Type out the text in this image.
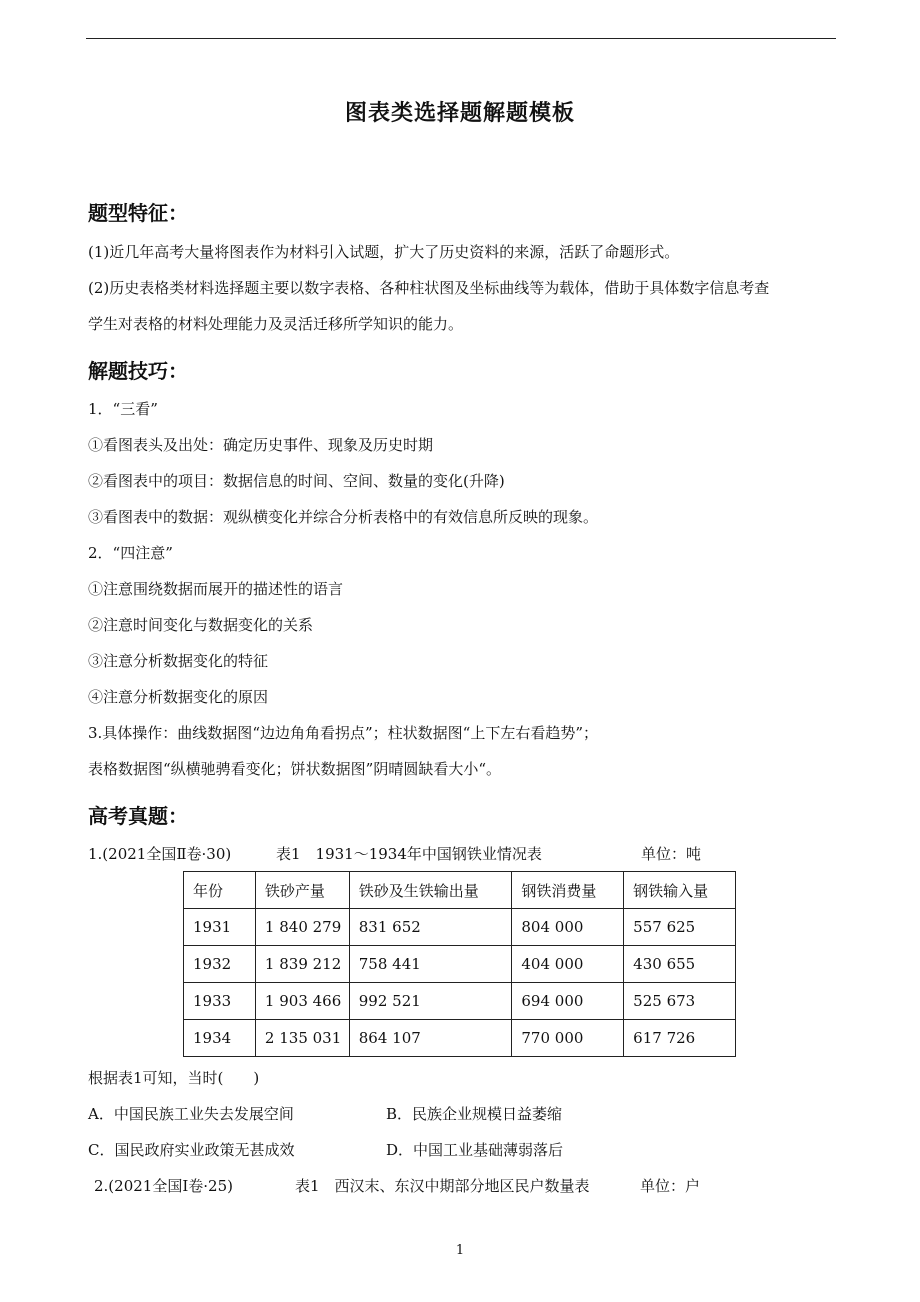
图表类选择题解题模板
题型特征：
(1)近几年高考大量将图表作为材料引入试题，扩大了历史资料的来源，活跃了命题形式。
(2)历史表格类材料选择题主要以数字表格、各种柱状图及坐标曲线等为载体，借助于具体数字信息考查
学生对表格的材料处理能力及灵活迁移所学知识的能力。
解题技巧：
1．“三看”
①看图表头及出处：确定历史事件、现象及历史时期
②看图表中的项目：数据信息的时间、空间、数量的变化(升降)
③看图表中的数据：观纵横变化并综合分析表格中的有效信息所反映的现象。
2．“四注意”
①注意围绕数据而展开的描述性的语言
②注意时间变化与数据变化的关系
③注意分析数据变化的特征
④注意分析数据变化的原因
3.具体操作：曲线数据图“边边角角看拐点”；柱状数据图“上下左右看趋势”；
表格数据图“纵横驰骋看变化；饼状数据图”阴晴圆缺看大小“。
高考真题：
1.(2021全国Ⅱ卷·30)	表1　1931～1934年中国钢铁业情况表	单位：吨
年份	铁砂产量	铁砂及生铁输出量	钢铁消费量	钢铁输入量
1931	1 840 279	831 652	804 000	557 625
1932	1 839 212	758 441	404 000	430 655
1933	1 903 466	992 521	694 000	525 673
1934	2 135 031	864 107	770 000	617 726
根据表1可知，当时(　　)
A．中国民族工业失去发展空间	B．民族企业规模日益萎缩
C．国民政府实业政策无甚成效	D．中国工业基础薄弱落后
2.(2021全国Ⅰ卷·25)	表1　西汉末、东汉中期部分地区民户数量表	单位：户
1
